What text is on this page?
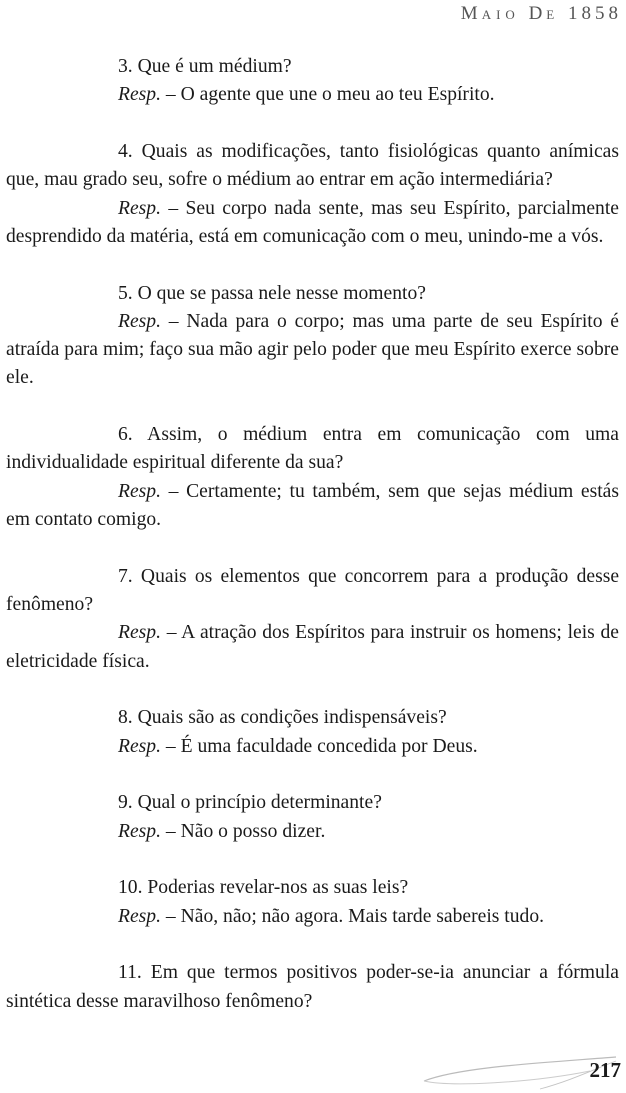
MAIO DE 1858

3. Que é um médium?

Resp. – O agente que une o meu ao teu Espírito.

4. Quais as modificações, tanto fisiológicas quanto anímicas que, mau grado seu, sofre o médium ao entrar em ação intermediária?

Resp. – Seu corpo nada sente, mas seu Espírito, parcialmente desprendido da matéria, está em comunicação com o meu, unindo-me a vós.

5. O que se passa nele nesse momento?

Resp. – Nada para o corpo; mas uma parte de seu Espírito é atraída para mim; faço sua mão agir pelo poder que meu Espírito exerce sobre ele.

6. Assim, o médium entra em comunicação com uma individualidade espiritual diferente da sua?

Resp. – Certamente; tu também, sem que sejas médium estás em contato comigo.

7. Quais os elementos que concorrem para a produção desse fenômeno?

Resp. – A atração dos Espíritos para instruir os homens; leis de eletricidade física.

8. Quais são as condições indispensáveis?

Resp. – É uma faculdade concedida por Deus.

9. Qual o princípio determinante?

Resp. – Não o posso dizer.

10. Poderias revelar-nos as suas leis?

Resp. – Não, não; não agora. Mais tarde sabereis tudo.

11. Em que termos positivos poder-se-ia anunciar a fórmula sintética desse maravilhoso fenômeno?

217
